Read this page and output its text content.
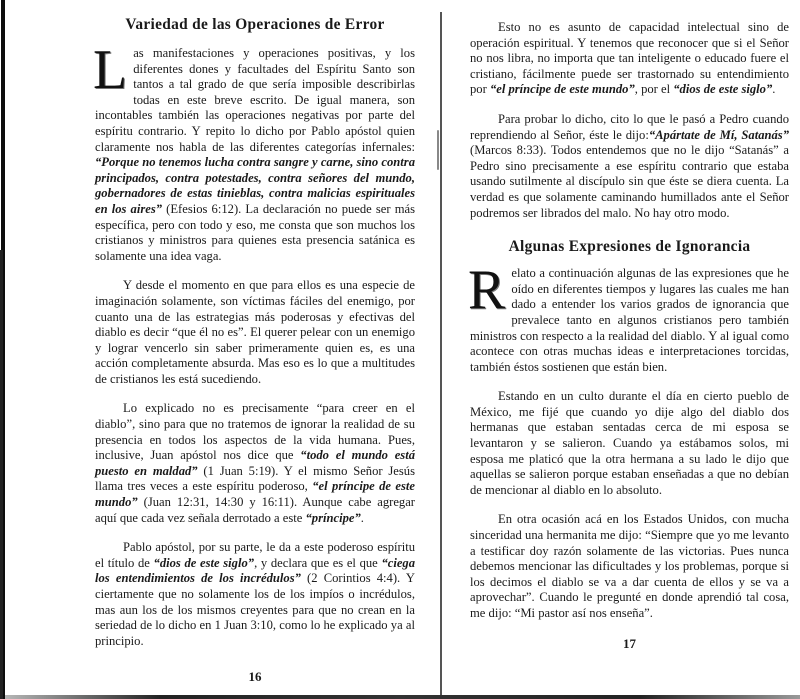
Variedad de las Operaciones de Error

Las manifestaciones y operaciones positivas, y los diferentes dones y facultades del Espíritu Santo son tantos a tal grado de que sería imposible describirlas todas en este breve escrito. De igual manera, son incontables también las operaciones negativas por parte del espíritu contrario. Y repito lo dicho por Pablo apóstol quien claramente nos habla de las diferentes categorías infernales: “Porque no tenemos lucha contra sangre y carne, sino contra principados, contra potestades, contra señores del mundo, gobernadores de estas tinieblas, contra malicias espirituales en los aires” (Efesios 6:12). La declaración no puede ser más específica, pero con todo y eso, me consta que son muchos los cristianos y ministros para quienes esta presencia satánica es solamente una idea vaga.

Y desde el momento en que para ellos es una especie de imaginación solamente, son víctimas fáciles del enemigo, por cuanto una de las estrategias más poderosas y efectivas del diablo es decir “que él no es”. El querer pelear con un enemigo y lograr vencerlo sin saber primeramente quien es, es una acción completamente absurda. Mas eso es lo que a multitudes de cristianos les está sucediendo.

Lo explicado no es precisamente “para creer en el diablo”, sino para que no tratemos de ignorar la realidad de su presencia en todos los aspectos de la vida humana. Pues, inclusive, Juan apóstol nos dice que “todo el mundo está puesto en maldad” (1 Juan 5:19). Y el mismo Señor Jesús llama tres veces a este espíritu poderoso, “el príncipe de este mundo” (Juan 12:31, 14:30 y 16:11). Aunque cabe agregar aquí que cada vez señala derrotado a este “príncipe”.

Pablo apóstol, por su parte, le da a este poderoso espíritu el título de “dios de este siglo”, y declara que es el que “ciega los entendimientos de los incrédulos” (2 Corintios 4:4). Y ciertamente que no solamente los de los impíos o incrédulos, mas aun los de los mismos creyentes para que no crean en la seriedad de lo dicho en 1 Juan 3:10, como lo he explicado ya al principio.

16

Esto no es asunto de capacidad intelectual sino de operación espiritual. Y tenemos que reconocer que si el Señor no nos libra, no importa que tan inteligente o educado fuere el cristiano, fácilmente puede ser trastornado su entendimiento por “el príncipe de este mundo”, por el “dios de este siglo”.

Para probar lo dicho, cito lo que le pasó a Pedro cuando reprendiendo al Señor, éste le dijo:“Apártate de Mí, Satanás” (Marcos 8:33). Todos entendemos que no le dijo “Satanás” a Pedro sino precisamente a ese espíritu contrario que estaba usando sutilmente al discípulo sin que éste se diera cuenta. La verdad es que solamente caminando humillados ante el Señor podremos ser librados del malo. No hay otro modo.

Algunas Expresiones de Ignorancia

Relato a continuación algunas de las expresiones que he oído en diferentes tiempos y lugares las cuales me han dado a entender los varios grados de ignorancia que prevalece tanto en algunos cristianos pero también ministros con respecto a la realidad del diablo. Y al igual como acontece con otras muchas ideas e interpretaciones torcidas, también éstos sostienen que están bien.

Estando en un culto durante el día en cierto pueblo de México, me fijé que cuando yo dije algo del diablo dos hermanas que estaban sentadas cerca de mi esposa se levantaron y se salieron. Cuando ya estábamos solos, mi esposa me platicó que la otra hermana a su lado le dijo que aquellas se salieron porque estaban enseñadas a que no debían de mencionar al diablo en lo absoluto.

En otra ocasión acá en los Estados Unidos, con mucha sinceridad una hermanita me dijo: “Siempre que yo me levanto a testificar doy razón solamente de las victorias. Pues nunca debemos mencionar las dificultades y los problemas, porque si los decimos el diablo se va a dar cuenta de ellos y se va a aprovechar”. Cuando le pregunté en donde aprendió tal cosa, me dijo: “Mi pastor así nos enseña”.

17
